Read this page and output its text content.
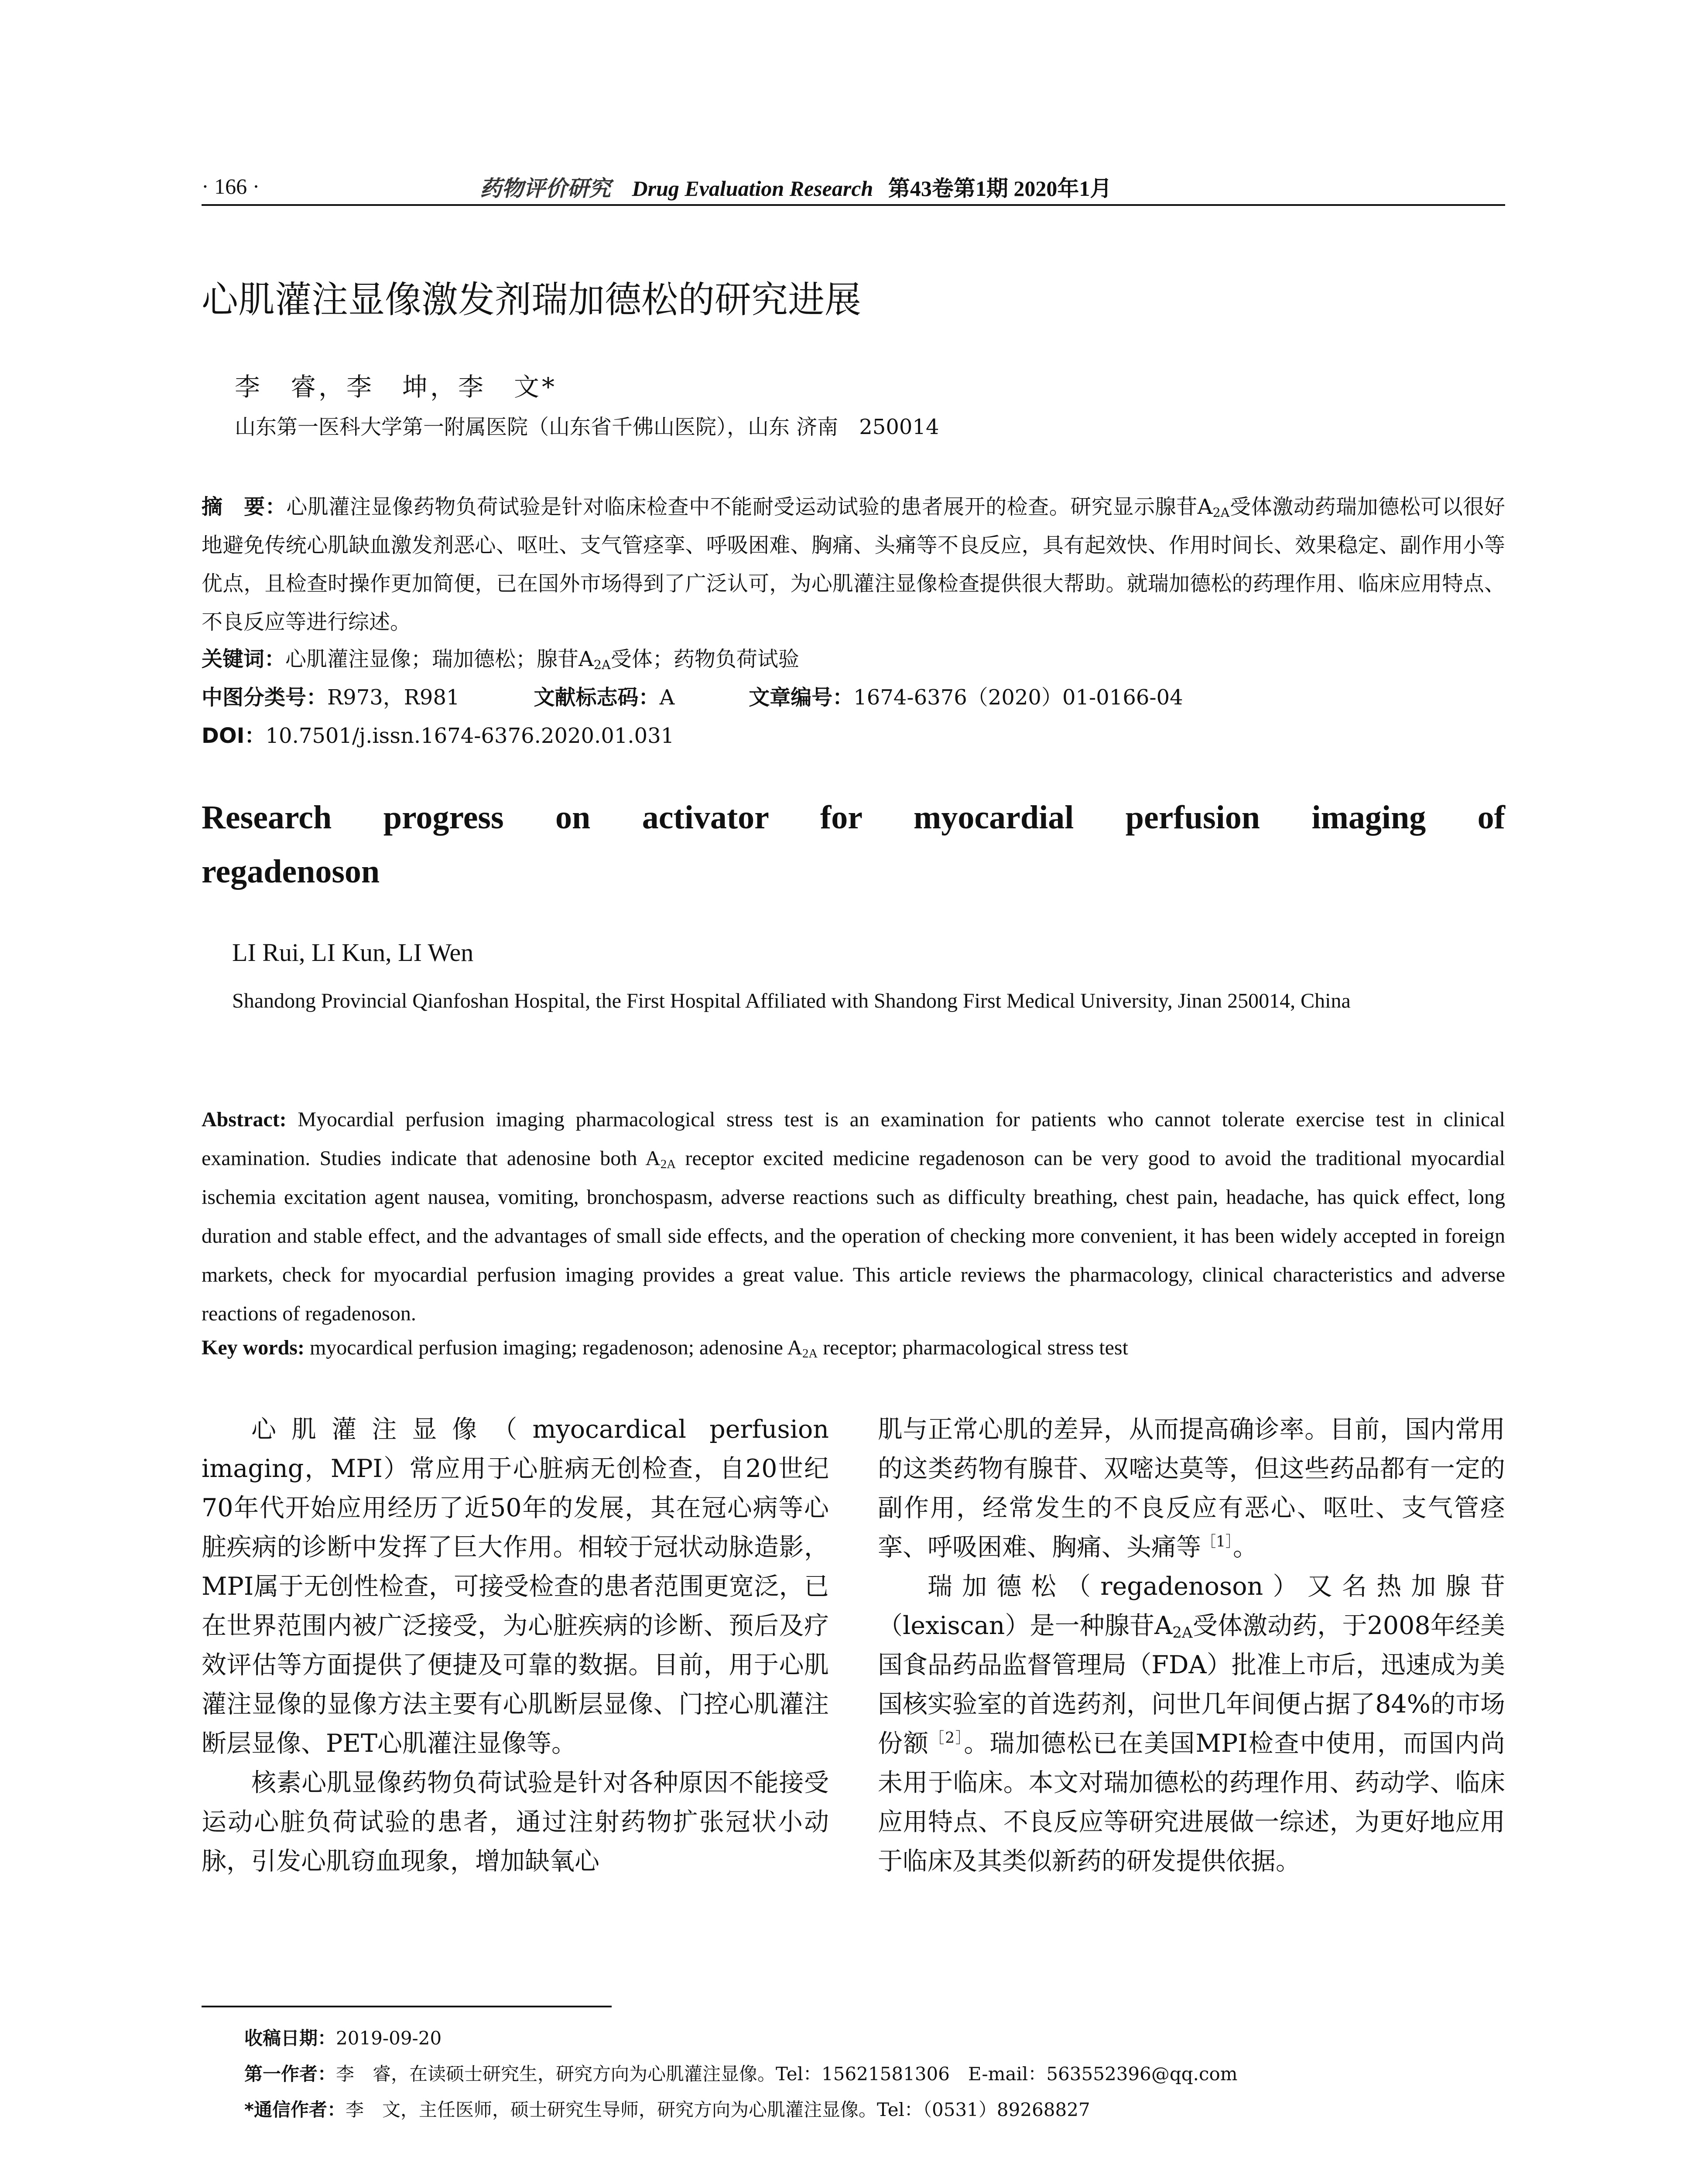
· 166 ·	药物评价研究 Drug Evaluation Research 第43卷第1期 2020年1月
心肌灌注显像激发剂瑞加德松的研究进展
李　睿，李　坤，李　文*
山东第一医科大学第一附属医院（山东省千佛山医院），山东 济南　250014
摘　要：心肌灌注显像药物负荷试验是针对临床检查中不能耐受运动试验的患者展开的检查。研究显示腺苷$A_{2A}$受体激动药瑞加德松可以很好地避免传统心肌缺血激发剂恶心、呕吐、支气管痉挛、呼吸困难、胸痛、头痛等不良反应，具有起效快、作用时间长、效果稳定、副作用小等优点，且检查时操作更加简便，已在国外市场得到了广泛认可，为心肌灌注显像检查提供很大帮助。就瑞加德松的药理作用、临床应用特点、不良反应等进行综述。
关键词：心肌灌注显像；瑞加德松；腺苷$A_{2A}$受体；药物负荷试验
中图分类号：R973，R981	文献标志码：A	文章编号：1674-6376（2020）01-0166-04
DOI：10.7501/j.issn.1674-6376.2020.01.031
Research progress on activator for myocardial perfusion imaging of
regadenoson
LI Rui, LI Kun, LI Wen
Shandong Provincial Qianfoshan Hospital, the First Hospital Affiliated with Shandong First Medical University, Jinan 250014, China
Abstract: Myocardial perfusion imaging pharmacological stress test is an examination for patients who cannot tolerate exercise test in clinical examination. Studies indicate that adenosine both $A_{2A}$ receptor excited medicine regadenoson can be very good to avoid the traditional myocardial ischemia excitation agent nausea, vomiting, bronchospasm, adverse reactions such as difficulty breathing, chest pain, headache, has quick effect, long duration and stable effect, and the advantages of small side effects, and the operation of checking more convenient, it has been widely accepted in foreign markets, check for myocardial perfusion imaging provides a great value. This article reviews the pharmacology, clinical characteristics and adverse reactions of regadenoson.
Key words: myocardical perfusion imaging; regadenoson; adenosine $A_{2A}$ receptor; pharmacological stress test

心肌灌注显像（myocardical perfusion imaging，MPI）常应用于心脏病无创检查，自20世纪70年代开始应用经历了近50年的发展，其在冠心病等心脏疾病的诊断中发挥了巨大作用。相较于冠状动脉造影，MPI属于无创性检查，可接受检查的患者范围更宽泛，已在世界范围内被广泛接受，为心脏疾病的诊断、预后及疗效评估等方面提供了便捷及可靠的数据。目前，用于心肌灌注显像的显像方法主要有心肌断层显像、门控心肌灌注断层显像、PET心肌灌注显像等。

核素心肌显像药物负荷试验是针对各种原因不能接受运动心脏负荷试验的患者，通过注射药物扩张冠状小动脉，引发心肌窃血现象，增加缺氧心

肌与正常心肌的差异，从而提高确诊率。目前，国内常用的这类药物有腺苷、双嘧达莫等，但这些药品都有一定的副作用，经常发生的不良反应有恶心、呕吐、支气管痉挛、呼吸困难、胸痛、头痛等$^{[1]}$。

瑞加德松（regadenoson）又名热加腺苷（lexiscan）是一种腺苷$A_{2A}$受体激动药，于2008年经美国食品药品监督管理局（FDA）批准上市后，迅速成为美国核实验室的首选药剂，问世几年间便占据了84%的市场份额$^{[2]}$。瑞加德松已在美国MPI检查中使用，而国内尚未用于临床。本文对瑞加德松的药理作用、药动学、临床应用特点、不良反应等研究进展做一综述，为更好地应用于临床及其类似新药的研发提供依据。

收稿日期：2019-09-20
第一作者：李　睿，在读硕士研究生，研究方向为心肌灌注显像。Tel：15621581306　E-mail：563552396@qq.com
*通信作者：李　文，主任医师，硕士研究生导师，研究方向为心肌灌注显像。Tel：（0531）89268827
